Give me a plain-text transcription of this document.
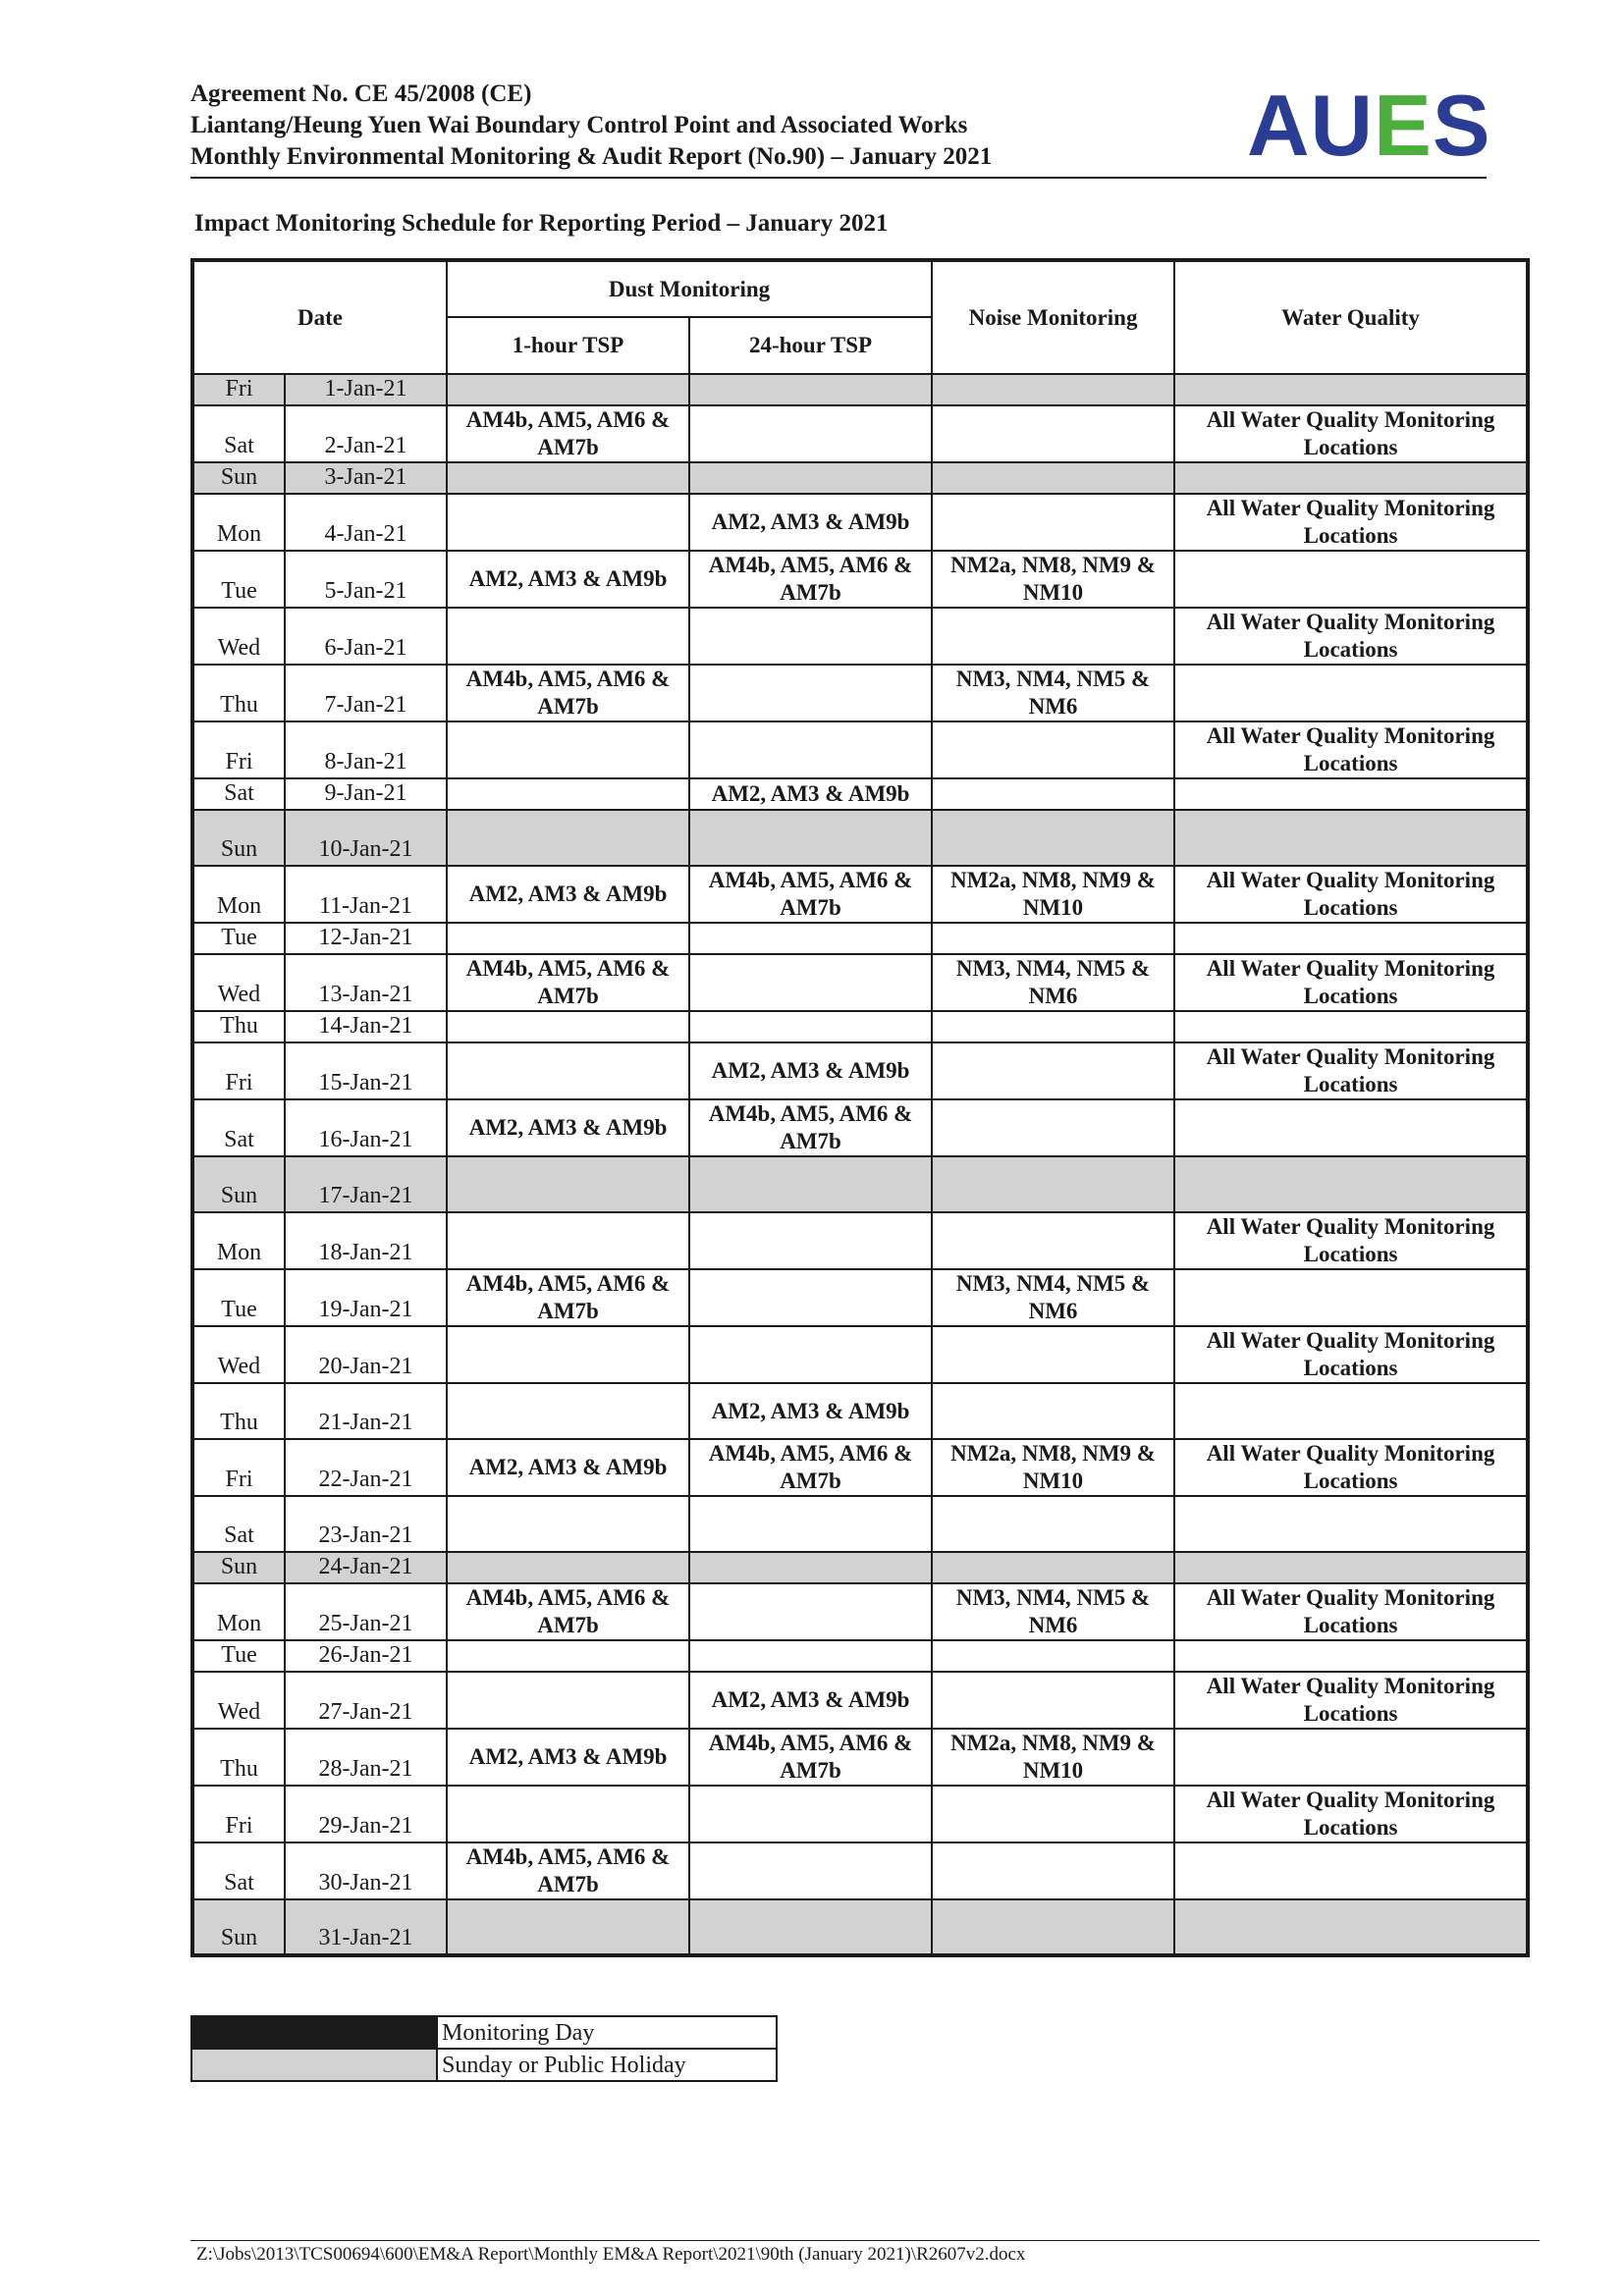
Agreement No. CE 45/2008 (CE)
Liantang/Heung Yuen Wai Boundary Control Point and Associated Works
Monthly Environmental Monitoring & Audit Report (No.90) – January 2021	AUES
Impact Monitoring Schedule for Reporting Period – January 2021
Date		Dust Monitoring		Noise Monitoring	Water Quality
		1-hour TSP	24-hour TSP		
Fri	1-Jan-21				
Sat	2-Jan-21	AM4b, AM5, AM6 & AM7b			All Water Quality Monitoring Locations
Sun	3-Jan-21				
Mon	4-Jan-21		AM2, AM3 & AM9b		All Water Quality Monitoring Locations
Tue	5-Jan-21	AM2, AM3 & AM9b	AM4b, AM5, AM6 & AM7b	NM2a, NM8, NM9 & NM10	
Wed	6-Jan-21				All Water Quality Monitoring Locations
Thu	7-Jan-21	AM4b, AM5, AM6 & AM7b		NM3, NM4, NM5 & NM6	
Fri	8-Jan-21				All Water Quality Monitoring Locations
Sat	9-Jan-21		AM2, AM3 & AM9b		
Sun	10-Jan-21				
Mon	11-Jan-21	AM2, AM3 & AM9b	AM4b, AM5, AM6 & AM7b	NM2a, NM8, NM9 & NM10	All Water Quality Monitoring Locations
Tue	12-Jan-21				
Wed	13-Jan-21	AM4b, AM5, AM6 & AM7b		NM3, NM4, NM5 & NM6	All Water Quality Monitoring Locations
Thu	14-Jan-21				
Fri	15-Jan-21		AM2, AM3 & AM9b		All Water Quality Monitoring Locations
Sat	16-Jan-21	AM2, AM3 & AM9b	AM4b, AM5, AM6 & AM7b		
Sun	17-Jan-21				
Mon	18-Jan-21				All Water Quality Monitoring Locations
Tue	19-Jan-21	AM4b, AM5, AM6 & AM7b		NM3, NM4, NM5 & NM6	
Wed	20-Jan-21				All Water Quality Monitoring Locations
Thu	21-Jan-21		AM2, AM3 & AM9b		
Fri	22-Jan-21	AM2, AM3 & AM9b	AM4b, AM5, AM6 & AM7b	NM2a, NM8, NM9 & NM10	All Water Quality Monitoring Locations
Sat	23-Jan-21				
Sun	24-Jan-21				
Mon	25-Jan-21	AM4b, AM5, AM6 & AM7b		NM3, NM4, NM5 & NM6	All Water Quality Monitoring Locations
Tue	26-Jan-21				
Wed	27-Jan-21		AM2, AM3 & AM9b		All Water Quality Monitoring Locations
Thu	28-Jan-21	AM2, AM3 & AM9b	AM4b, AM5, AM6 & AM7b	NM2a, NM8, NM9 & NM10	
Fri	29-Jan-21				All Water Quality Monitoring Locations
Sat	30-Jan-21	AM4b, AM5, AM6 & AM7b			
Sun	31-Jan-21				
	Monitoring Day
	Sunday or Public Holiday
Z:\Jobs\2013\TCS00694\600\EM&A Report\Monthly EM&A Report\2021\90th (January 2021)\R2607v2.docx
